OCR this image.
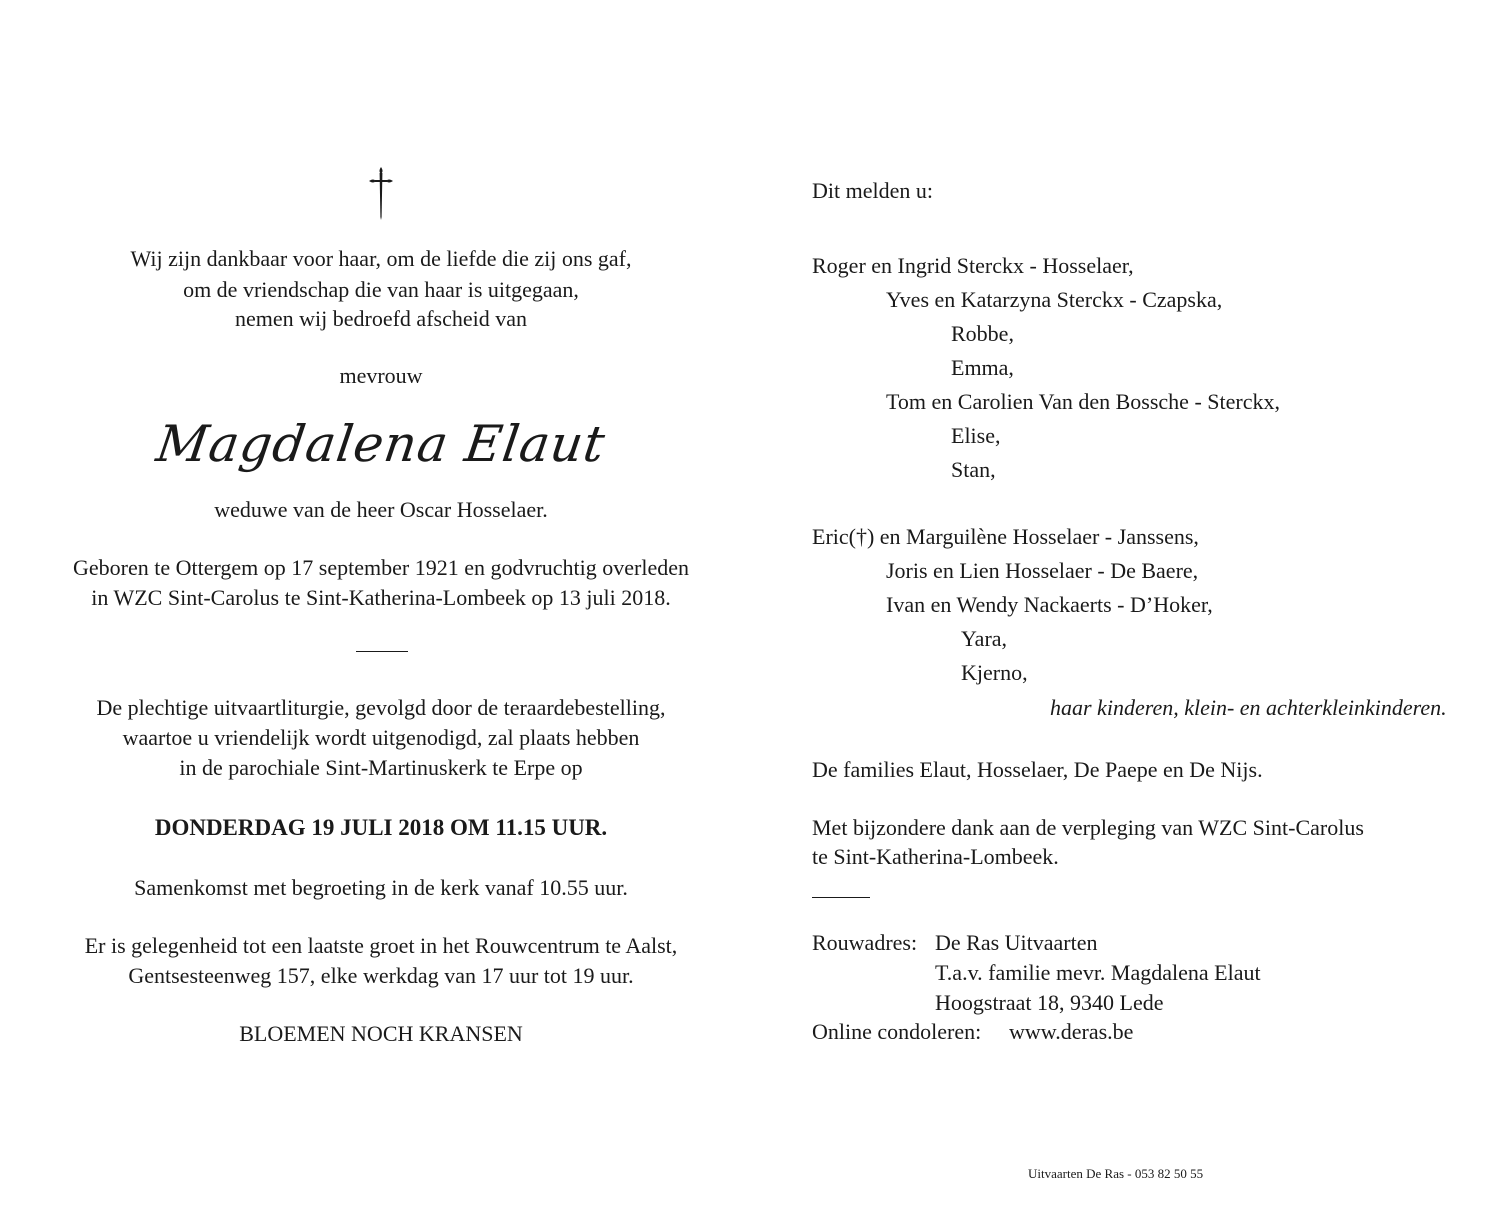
Wij zijn dankbaar voor haar, om de liefde die zij ons gaf,
om de vriendschap die van haar is uitgegaan,
nemen wij bedroefd afscheid van
mevrouw
Magdalena Elaut
weduwe van de heer Oscar Hosselaer.
Geboren te Ottergem op 17 september 1921 en godvruchtig overleden
in WZC Sint-Carolus te Sint-Katherina-Lombeek op 13 juli 2018.
De plechtige uitvaartliturgie, gevolgd door de teraardebestelling,
waartoe u vriendelijk wordt uitgenodigd, zal plaats hebben
in de parochiale Sint-Martinuskerk te Erpe op
DONDERDAG 19 JULI 2018 OM 11.15 UUR.
Samenkomst met begroeting in de kerk vanaf 10.55 uur.
Er is gelegenheid tot een laatste groet in het Rouwcentrum te Aalst,
Gentsesteenweg 157, elke werkdag van 17 uur tot 19 uur.
BLOEMEN NOCH KRANSEN
Dit melden u:
Roger en Ingrid Sterckx - Hosselaer,
Yves en Katarzyna Sterckx - Czapska,
Robbe,
Emma,
Tom en Carolien Van den Bossche - Sterckx,
Elise,
Stan,
Eric(†) en Marguilène Hosselaer - Janssens,
Joris en Lien Hosselaer - De Baere,
Ivan en Wendy Nackaerts - D’Hoker,
Yara,
Kjerno,
haar kinderen, klein- en achterkleinkinderen.
De families Elaut, Hosselaer, De Paepe en De Nijs.
Met bijzondere dank aan de verpleging van WZC Sint-Carolus
te Sint-Katherina-Lombeek.
Rouwadres: De Ras Uitvaarten
T.a.v. familie mevr. Magdalena Elaut
Hoogstraat 18, 9340 Lede
Online condoleren: www.deras.be
Uitvaarten De Ras - 053 82 50 55
